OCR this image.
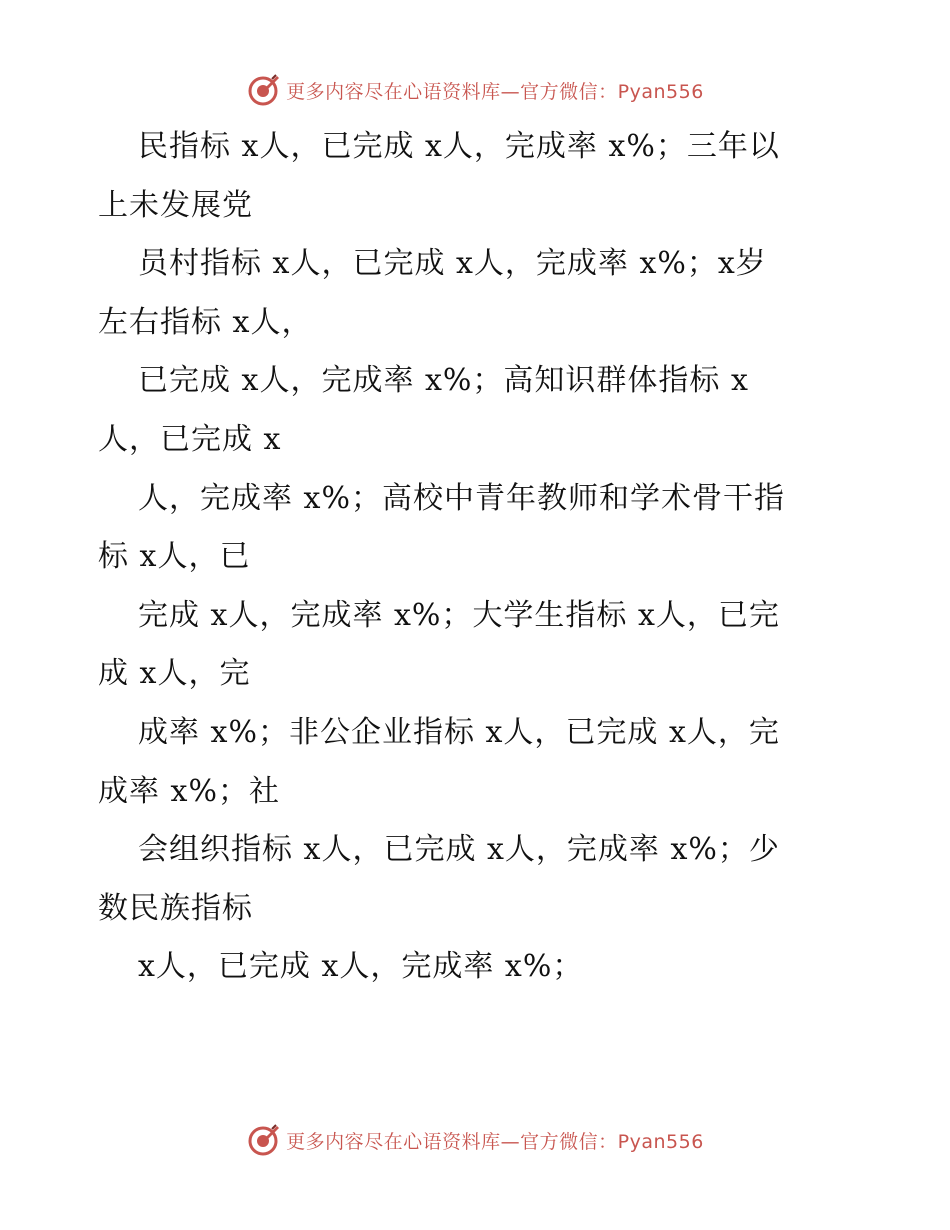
更多内容尽在心语资料库—官方微信：Pyan556
民指标 x人，已完成 x人，完成率 x%；三年以
上未发展党
员村指标 x人，已完成 x人，完成率 x%；x岁
左右指标 x人，
已完成 x人，完成率 x%；高知识群体指标 x
人，已完成 x
人，完成率 x%；高校中青年教师和学术骨干指
标 x人，已
完成 x人，完成率 x%；大学生指标 x人，已完
成 x人，完
成率 x%；非公企业指标 x人，已完成 x人，完
成率 x%；社
会组织指标 x人，已完成 x人，完成率 x%；少
数民族指标
x人，已完成 x人，完成率 x%；
更多内容尽在心语资料库—官方微信：Pyan556
